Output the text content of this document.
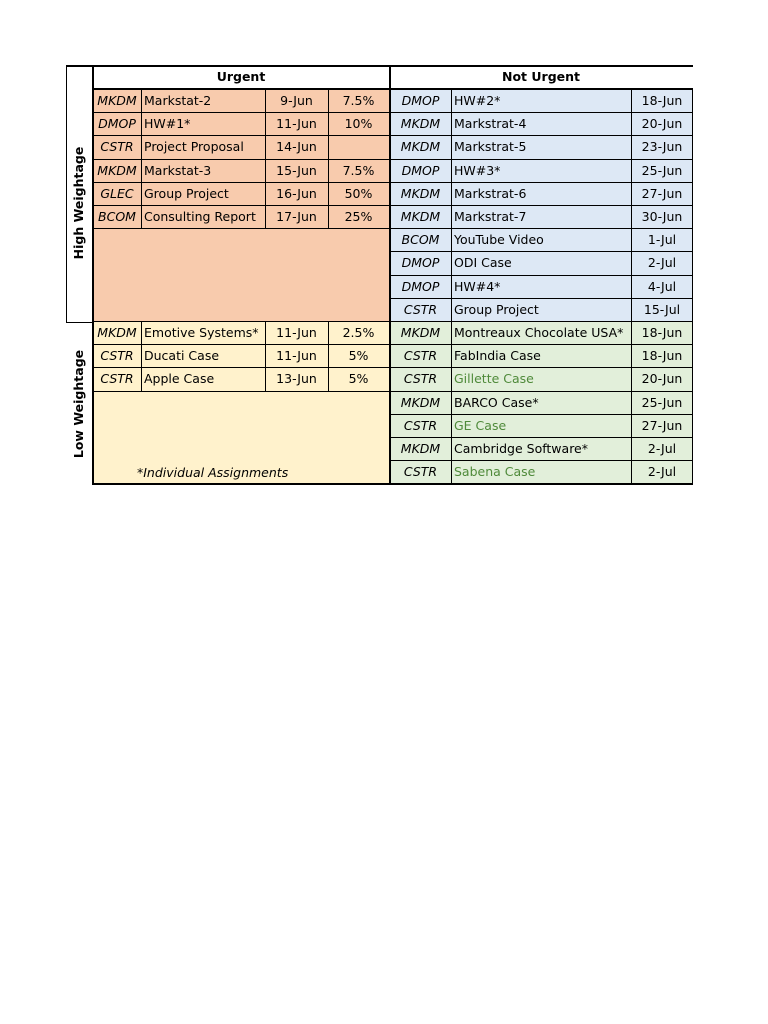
Urgent	Not Urgent
High Weightage
Low Weightage
*Individual Assignments
MKDM Markstat-2	9-Jun	7.5%
DMOP HW#1*	11-Jun	10%
CSTR Project Proposal	14-Jun
MKDM Markstat-3	15-Jun	7.5%
GLEC Group Project	16-Jun	50%
BCOM Consulting Report	17-Jun	25%
MKDM Emotive Systems*	11-Jun	2.5%
CSTR Ducati Case	11-Jun	5%
CSTR Apple Case	13-Jun	5%
DMOP	HW#2*	18-Jun
MKDM	Markstrat-4	20-Jun
MKDM	Markstrat-5	23-Jun
DMOP	HW#3*	25-Jun
MKDM	Markstrat-6	27-Jun
MKDM	Markstrat-7	30-Jun
BCOM	YouTube Video	1-Jul
DMOP	ODI Case	2-Jul
DMOP	HW#4*	4-Jul
CSTR	Group Project	15-Jul
MKDM	Montreaux Chocolate USA*	18-Jun
CSTR	FabIndia Case	18-Jun
CSTR	Gillette Case	20-Jun
MKDM	BARCO Case*	25-Jun
CSTR	GE Case	27-Jun
MKDM	Cambridge Software*	2-Jul
CSTR	Sabena Case	2-Jul
